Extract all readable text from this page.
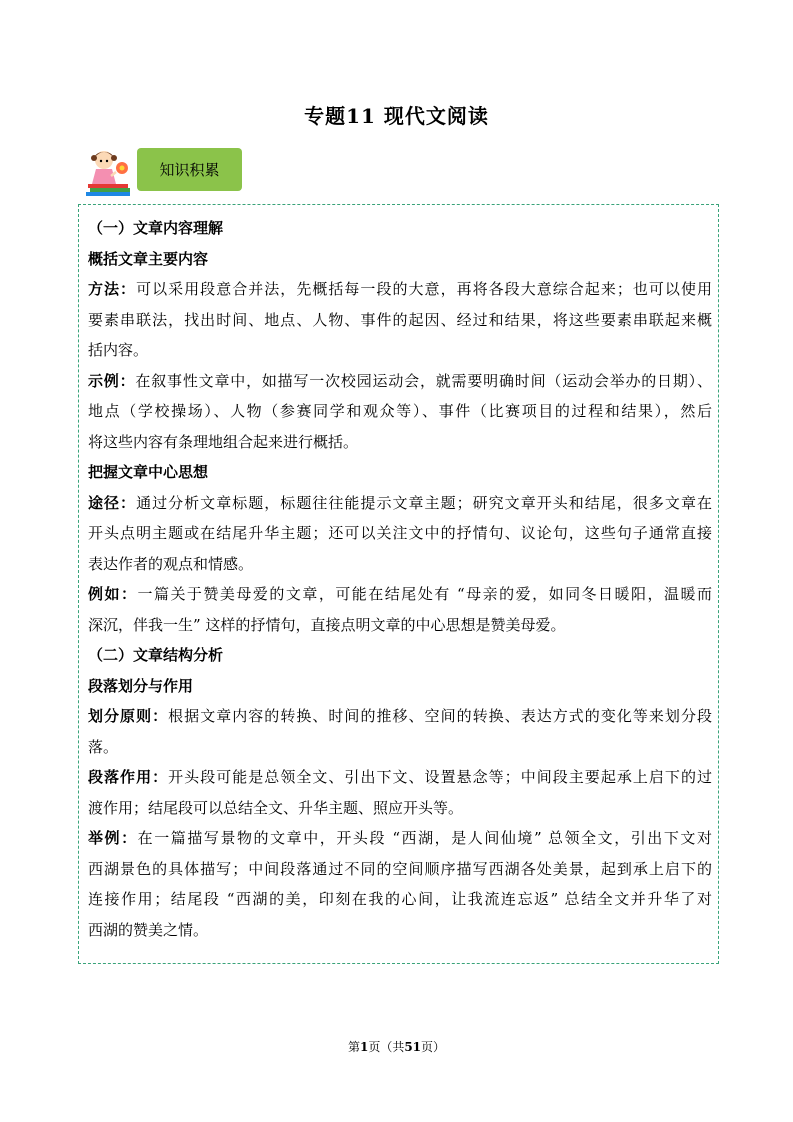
专题11 现代文阅读
知识积累
（一）文章内容理解
概括文章主要内容
方法：可以采用段意合并法，先概括每一段的大意，再将各段大意综合起来；也可以使用
要素串联法，找出时间、地点、人物、事件的起因、经过和结果，将这些要素串联起来概
括内容。
示例：在叙事性文章中，如描写一次校园运动会，就需要明确时间（运动会举办的日期）、
地点（学校操场）、人物（参赛同学和观众等）、事件（比赛项目的过程和结果），然后
将这些内容有条理地组合起来进行概括。
把握文章中心思想
途径：通过分析文章标题，标题往往能提示文章主题；研究文章开头和结尾，很多文章在
开头点明主题或在结尾升华主题；还可以关注文中的抒情句、议论句，这些句子通常直接
表达作者的观点和情感。
例如：一篇关于赞美母爱的文章，可能在结尾处有 “母亲的爱，如同冬日暖阳，温暖而
深沉，伴我一生” 这样的抒情句，直接点明文章的中心思想是赞美母爱。
（二）文章结构分析
段落划分与作用
划分原则：根据文章内容的转换、时间的推移、空间的转换、表达方式的变化等来划分段
落。
段落作用：开头段可能是总领全文、引出下文、设置悬念等；中间段主要起承上启下的过
渡作用；结尾段可以总结全文、升华主题、照应开头等。
举例：在一篇描写景物的文章中，开头段 “西湖，是人间仙境” 总领全文，引出下文对
西湖景色的具体描写；中间段落通过不同的空间顺序描写西湖各处美景，起到承上启下的
连接作用；结尾段 “西湖的美，印刻在我的心间，让我流连忘返” 总结全文并升华了对
西湖的赞美之情。
第1页（共51页）
